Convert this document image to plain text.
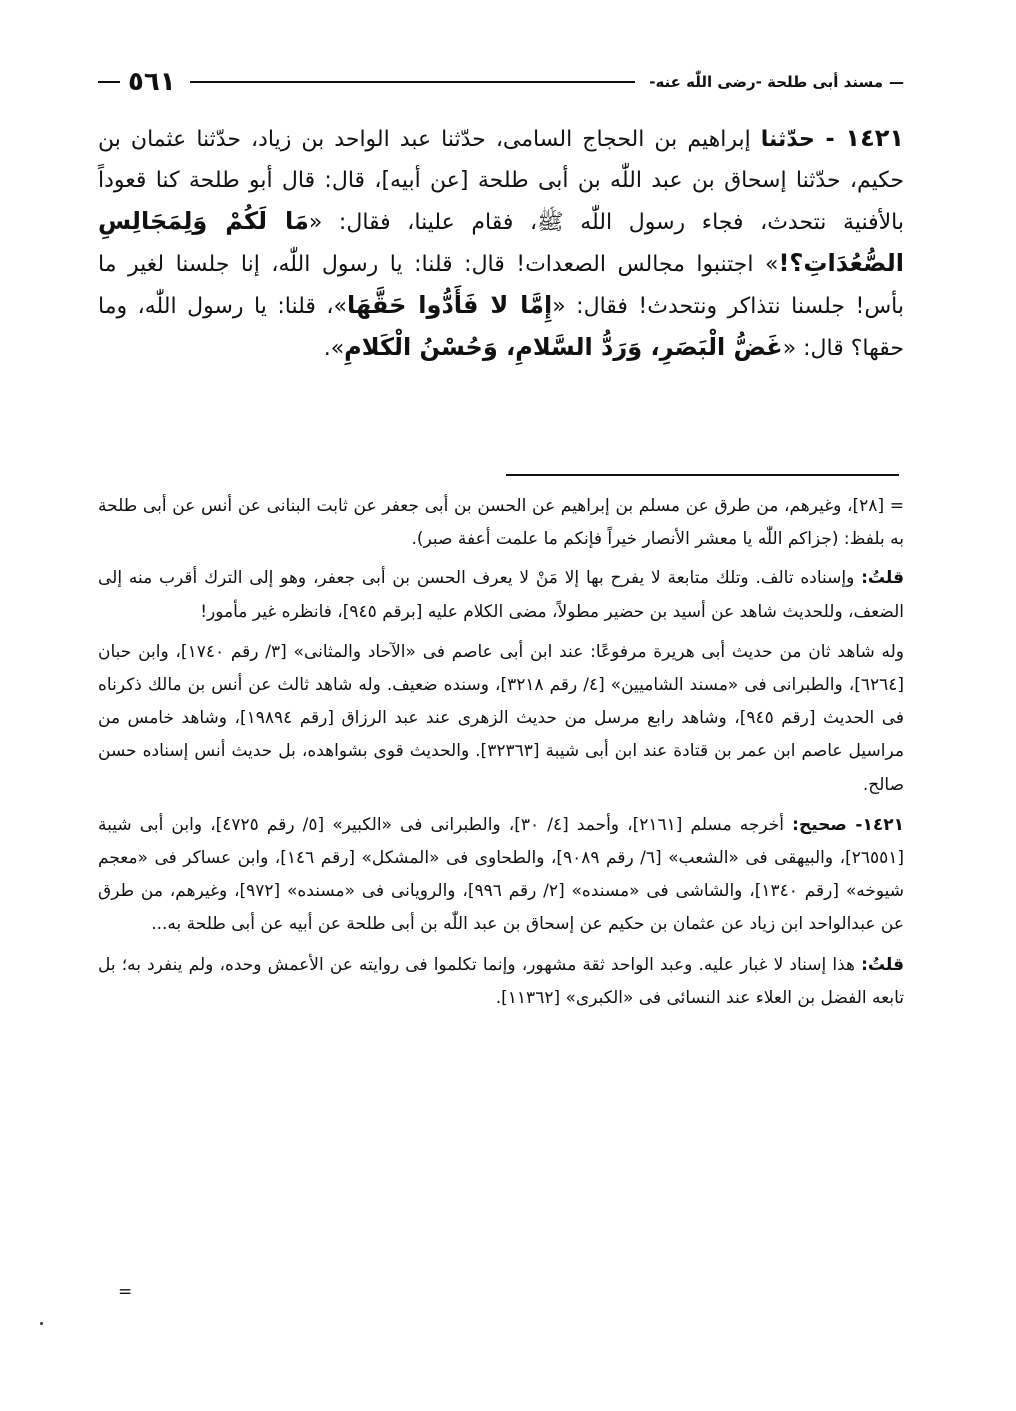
—
مسند أبى طلحة -رضى اللّٰه عنه-
٥٦١

١٤٢١ - حدّثنا إبراهيم بن الحجاج السامى، حدّثنا عبد الواحد بن زياد، حدّثنا عثمان بن حكيم، حدّثنا إسحاق بن عبد اللّٰه بن أبى طلحة [عن أبيه]، قال: قال أبو طلحة كنا قعوداً بالأفنية نتحدث، فجاء رسول اللّٰه ﷺ، فقام علينا، فقال: «مَا لَكُمْ وَلِمَجَالِسِ الصُّعُدَاتِ؟!» اجتنبوا مجالس الصعدات! قال: قلنا: يا رسول اللّٰه، إنا جلسنا لغير ما بأس! جلسنا نتذاكر ونتحدث! فقال: «إِمَّا لا فَأَدُّوا حَقَّهَا»، قلنا: يا رسول اللّٰه، وما حقها؟ قال: «غَضُّ الْبَصَرِ، وَرَدُّ السَّلامِ، وَحُسْنُ الْكَلامِ».

= [٢٨]، وغيرهم، من طرق عن مسلم بن إبراهيم عن الحسن بن أبى جعفر عن ثابت البنانى عن أنس عن أبى طلحة به بلفظ: (جزاكم اللّٰه يا معشر الأنصار خيراً فإنكم ما علمت أعفة صبر).

قلتُ: وإسناده تالف. وتلك متابعة لا يفرح بها إلا مَنْ لا يعرف الحسن بن أبى جعفر، وهو إلى الترك أقرب منه إلى الضعف، وللحديث شاهد عن أسيد بن حضير مطولاً، مضى الكلام عليه [برقم ٩٤٥]، فانظره غير مأمور!

وله شاهد ثان من حديث أبى هريرة مرفوعًا: عند ابن أبى عاصم فى «الآحاد والمثانى» [٣/ رقم ١٧٤٠]، وابن حبان [٦٢٦٤]، والطبرانى فى «مسند الشاميين» [٤/ رقم ٣٢١٨]، وسنده ضعيف. وله شاهد ثالث عن أنس بن مالك ذكرناه فى الحديث [رقم ٩٤٥]، وشاهد رابع مرسل من حديث الزهرى عند عبد الرزاق [رقم ١٩٨٩٤]، وشاهد خامس من مراسيل عاصم ابن عمر بن قتادة عند ابن أبى شيبة [٣٢٣٦٣]. والحديث قوى بشواهده، بل حديث أنس إسناده حسن صالح.

١٤٢١- صحيح: أخرجه مسلم [٢١٦١]، وأحمد [٤/ ٣٠]، والطبرانى فى «الكبير» [٥/ رقم ٤٧٢٥]، وابن أبى شيبة [٢٦٥٥١]، والبيهقى فى «الشعب» [٦/ رقم ٩٠٨٩]، والطحاوى فى «المشكل» [رقم ١٤٦]، وابن عساكر فى «معجم شيوخه» [رقم ١٣٤٠]، والشاشى فى «مسنده» [٢/ رقم ٩٩٦]، والرويانى فى «مسنده» [٩٧٢]، وغيرهم، من طرق عن عبدالواحد ابن زياد عن عثمان بن حكيم عن إسحاق بن عبد اللّٰه بن أبى طلحة عن أبيه عن أبى طلحة به...

قلتُ: هذا إسناد لا غبار عليه. وعبد الواحد ثقة مشهور، وإنما تكلموا فى روايته عن الأعمش وحده، ولم ينفرد به؛ بل تابعه الفضل بن العلاء عند النسائى فى «الكبرى» [١١٣٦٢].

=
